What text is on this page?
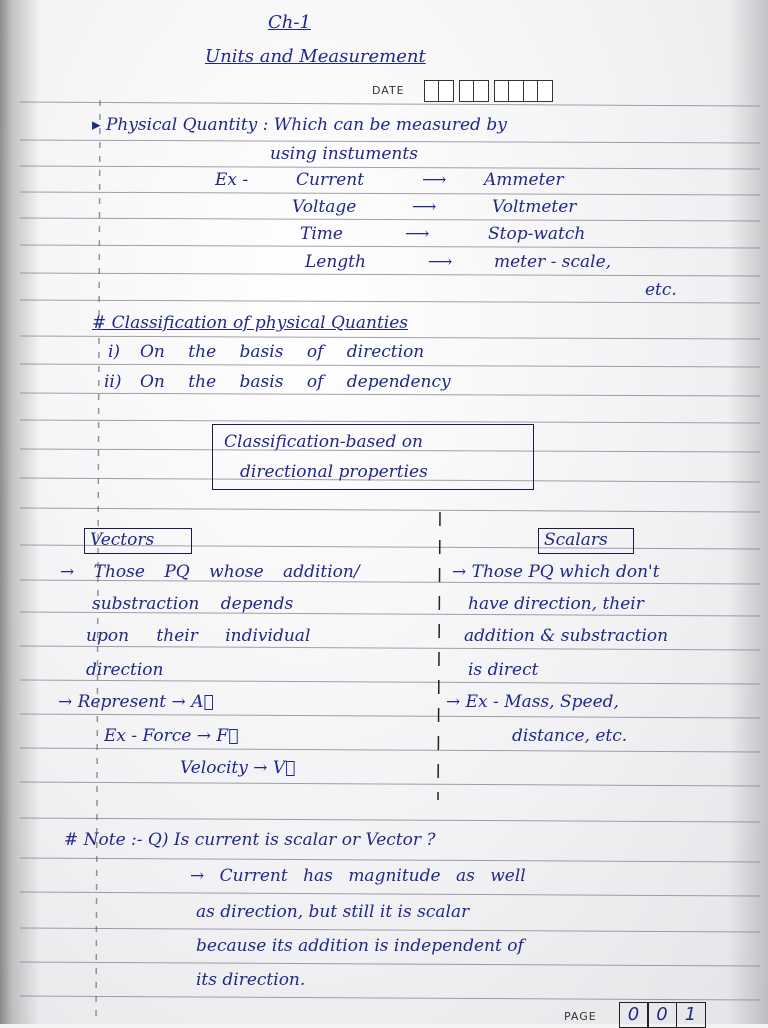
Ch-1
Units and Measurement
DATE
▸ Physical Quantity : Which can be measured by
using instuments
Ex -	Current	⟶ Ammeter
Voltage	⟶	Voltmeter
Time	⟶	Stop-watch
Length	⟶ meter - scale,
etc.
# Classification of physical Quanties
i) On the basis of direction
ii) On the basis of dependency
Classification-based on
directional properties
Vectors
→ Those PQ whose addition/
substraction depends
upon their individual
direction
→ Represent → A⃗
Ex - Force → F⃗
Velocity → V⃗
Scalars
→ Those PQ which don't
have direction, their
addition & substraction
is direct
→ Ex - Mass, Speed,
distance, etc.
# Note :- Q) Is current is scalar or Vector ?
→ Current has magnitude as well
as direction, but still it is scalar
because its addition is independent of
its direction.
PAGE	0 0 1
